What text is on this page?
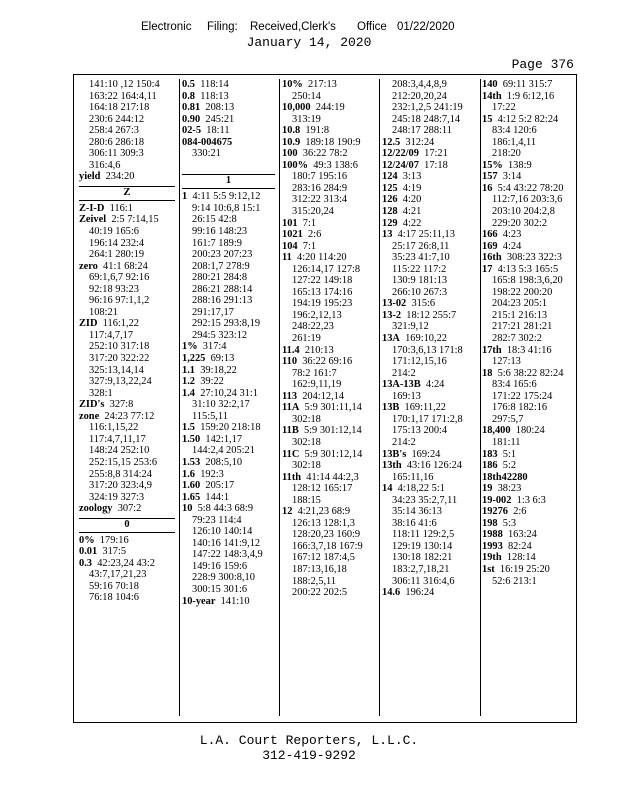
Electronic Filing: Received,Clerk's Office 01/22/2020
January 14, 2020
Page 376
141:10 ,12 150:4
163:22 164:4,11
164:18 217:18
230:6 244:12
258:4 267:3
280:6 286:18
306:11 309:3
316:4,6
yield 234:20
Z
Z-I-D 116:1
Zeivel 2:5 7:14,15
40:19 165:6
196:14 232:4
264:1 280:19
zero 41:1 68:24
69:1,6,7 92:16
92:18 93:23
96:16 97:1,1,2
108:21
ZID 116:1,22
117:4,7,17
252:10 317:18
317:20 322:22
325:13,14,14
327:9,13,22,24
328:1
ZID's 327:8
zone 24:23 77:12
116:1,15,22
117:4,7,11,17
148:24 252:10
252:15,15 253:6
255:8,8 314:24
317:20 323:4,9
324:19 327:3
zoology 307:2
0
0% 179:16
0.01 317:5
0.3 42:23,24 43:2
43:7,17,21,23
59:16 70:18
76:18 104:6
0.5 118:14
0.8 118:13
0.81 208:13
0.90 245:21
02-5 18:11
084-004675
330:21
1
1 4:11 5:5 9:12,12
9:14 10:6,8 15:1
26:15 42:8
99:16 148:23
161:7 189:9
200:23 207:23
208:1,7 278:9
280:21 284:8
286:21 288:14
288:16 291:13
291:17,17
292:15 293:8,19
294:5 323:12
1% 317:4
1,225 69:13
1.1 39:18,22
1.2 39:22
1.4 27:10,24 31:1
31:10 32:2,17
115:5,11
1.5 159:20 218:18
1.50 142:1,17
144:2,4 205:21
1.53 208:5,10
1.6 192:3
1.60 205:17
1.65 144:1
10 5:8 44:3 68:9
79:23 114:4
126:10 140:14
140:16 141:9,12
147:22 148:3,4,9
149:16 159:6
228:9 300:8,10
300:15 301:6
10-year 141:10
10% 217:13
250:14
10,000 244:19
313:19
10.8 191:8
10.9 189:18 190:9
100 36:22 78:2
100% 49:3 138:6
180:7 195:16
283:16 284:9
312:22 313:4
315:20,24
101 7:1
1021 2:6
104 7:1
11 4:20 114:20
126:14,17 127:8
127:22 149:18
165:13 174:16
194:19 195:23
196:2,12,13
248:22,23
261:19
11.4 210:13
110 36:22 69:16
78:2 161:7
162:9,11,19
113 204:12,14
11A 5:9 301:11,14
302:18
11B 5:9 301:12,14
302:18
11C 5:9 301:12,14
302:18
11th 41:14 44:2,3
128:12 165:17
188:15
12 4:21,23 68:9
126:13 128:1,3
128:20,23 160:9
166:3,7,18 167:9
167:12 187:4,5
187:13,16,18
188:2,5,11
200:22 202:5
208:3,4,4,8,9
212:20,20,24
232:1,2,5 241:19
245:18 248:7,14
248:17 288:11
12.5 312:24
12/22/09 17:21
12/24/07 17:18
124 3:13
125 4:19
126 4:20
128 4:21
129 4:22
13 4:17 25:11,13
25:17 26:8,11
35:23 41:7,10
115:22 117:2
130:9 181:13
266:10 267:3
13-02 315:6
13-2 18:12 255:7
321:9,12
13A 169:10,22
170:3,6,13 171:8
171:12,15,16
214:2
13A-13B 4:24
169:13
13B 169:11,22
170:1,17 171:2,8
175:13 200:4
214:2
13B's 169:24
13th 43:16 126:24
165:11,16
14 4:18,22 5:1
34:23 35:2,7,11
35:14 36:13
38:16 41:6
118:11 129:2,5
129:19 130:14
130:18 182:21
183:2,7,18,21
306:11 316:4,6
14.6 196:24
140 69:11 315:7
14th 1:9 6:12,16
17:22
15 4:12 5:2 82:24
83:4 120:6
186:1,4,11
218:20
15% 138:9
157 3:14
16 5:4 43:22 78:20
112:7,16 203:3,6
203:10 204:2,8
229:20 302:2
166 4:23
169 4:24
16th 308:23 322:3
17 4:13 5:3 165:5
165:8 198:3,6,20
198:22 200:20
204:23 205:1
215:1 216:13
217:21 281:21
282:7 302:2
17th 18:3 41:16
127:13
18 5:6 38:22 82:24
83:4 165:6
171:22 175:24
176:8 182:16
297:5,7
18,400 180:24
181:11
183 5:1
186 5:2
18th42280
19 38:23
19-002 1:3 6:3
19276 2:6
198 5:3
1988 163:24
1993 82:24
19th 128:14
1st 16:19 25:20
52:6 213:1
L.A. Court Reporters, L.L.C.
312-419-9292
